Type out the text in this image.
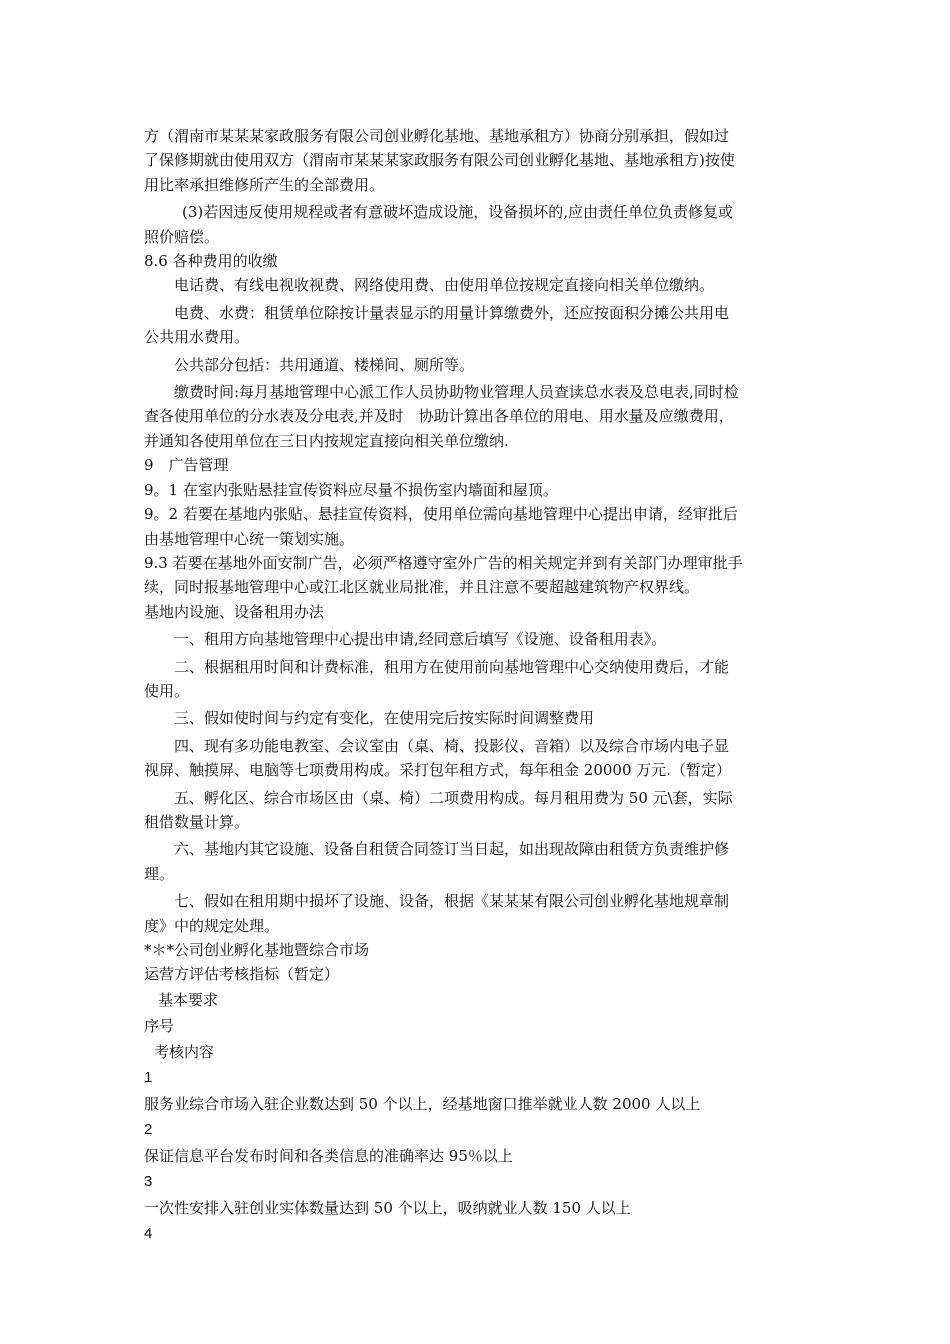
方（渭南市某某某家政服务有限公司创业孵化基地、基地承租方）协商分别承担，假如过

了保修期就由使用双方（渭南市某某某家政服务有限公司创业孵化基地、基地承租方)按使

用比率承担维修所产生的全部费用。

(3)若因违反使用规程或者有意破坏造成设施，设备损坏的,应由责任单位负责修复或

照价赔偿。

8.6 各种费用的收缴

电话费、有线电视收视费、网络使用费、由使用单位按规定直接向相关单位缴纳。

电费、水费：租赁单位除按计量表显示的用量计算缴费外，还应按面积分摊公共用电

公共用水费用。

公共部分包括：共用通道、楼梯间、厕所等。

缴费时间:每月基地管理中心派工作人员协助物业管理人员查读总水表及总电表,同时检

查各使用单位的分水表及分电表,并及时　协助计算出各单位的用电、用水量及应缴费用，

并通知各使用单位在三日内按规定直接向相关单位缴纳.

9　广告管理

9。1 在室内张贴悬挂宣传资料应尽量不损伤室内墙面和屋顶。

9。2 若要在基地内张贴、悬挂宣传资料，使用单位需向基地管理中心提出申请，经审批后

由基地管理中心统一策划实施。

9.3 若要在基地外面安制广告，必须严格遵守室外广告的相关规定并到有关部门办理审批手

续，同时报基地管理中心或江北区就业局批准，并且注意不要超越建筑物产权界线。

基地内设施、设备租用办法

一、租用方向基地管理中心提出申请,经同意后填写《设施、设备租用表》。

二、根据租用时间和计费标准，租用方在使用前向基地管理中心交纳使用费后，才能

使用。

三、假如使时间与约定有变化，在使用完后按实际时间调整费用

四、现有多功能电教室、会议室由（桌、椅、投影仪、音箱）以及综合市场内电子显

视屏、触摸屏、电脑等七项费用构成。采打包年租方式，每年租金 20000 万元.（暂定）

五、孵化区、综合市场区由（桌、椅）二项费用构成。每月租用费为 50 元\套，实际

租借数量计算。

六、基地内其它设施、设备自租赁合同签订当日起，如出现故障由租赁方负责维护修

理。

七、假如在租用期中损坏了设施、设备，根据《某某某有限公司创业孵化基地规章制

度》中的规定处理。

*＊*公司创业孵化基地暨综合市场

运营方评估考核指标（暂定）

基本要求

序号

考核内容

1

服务业综合市场入驻企业数达到 50 个以上，经基地窗口推举就业人数 2000 人以上

2

保证信息平台发布时间和各类信息的准确率达 95％以上

3

一次性安排入驻创业实体数量达到 50 个以上，吸纳就业人数 150 人以上

4
